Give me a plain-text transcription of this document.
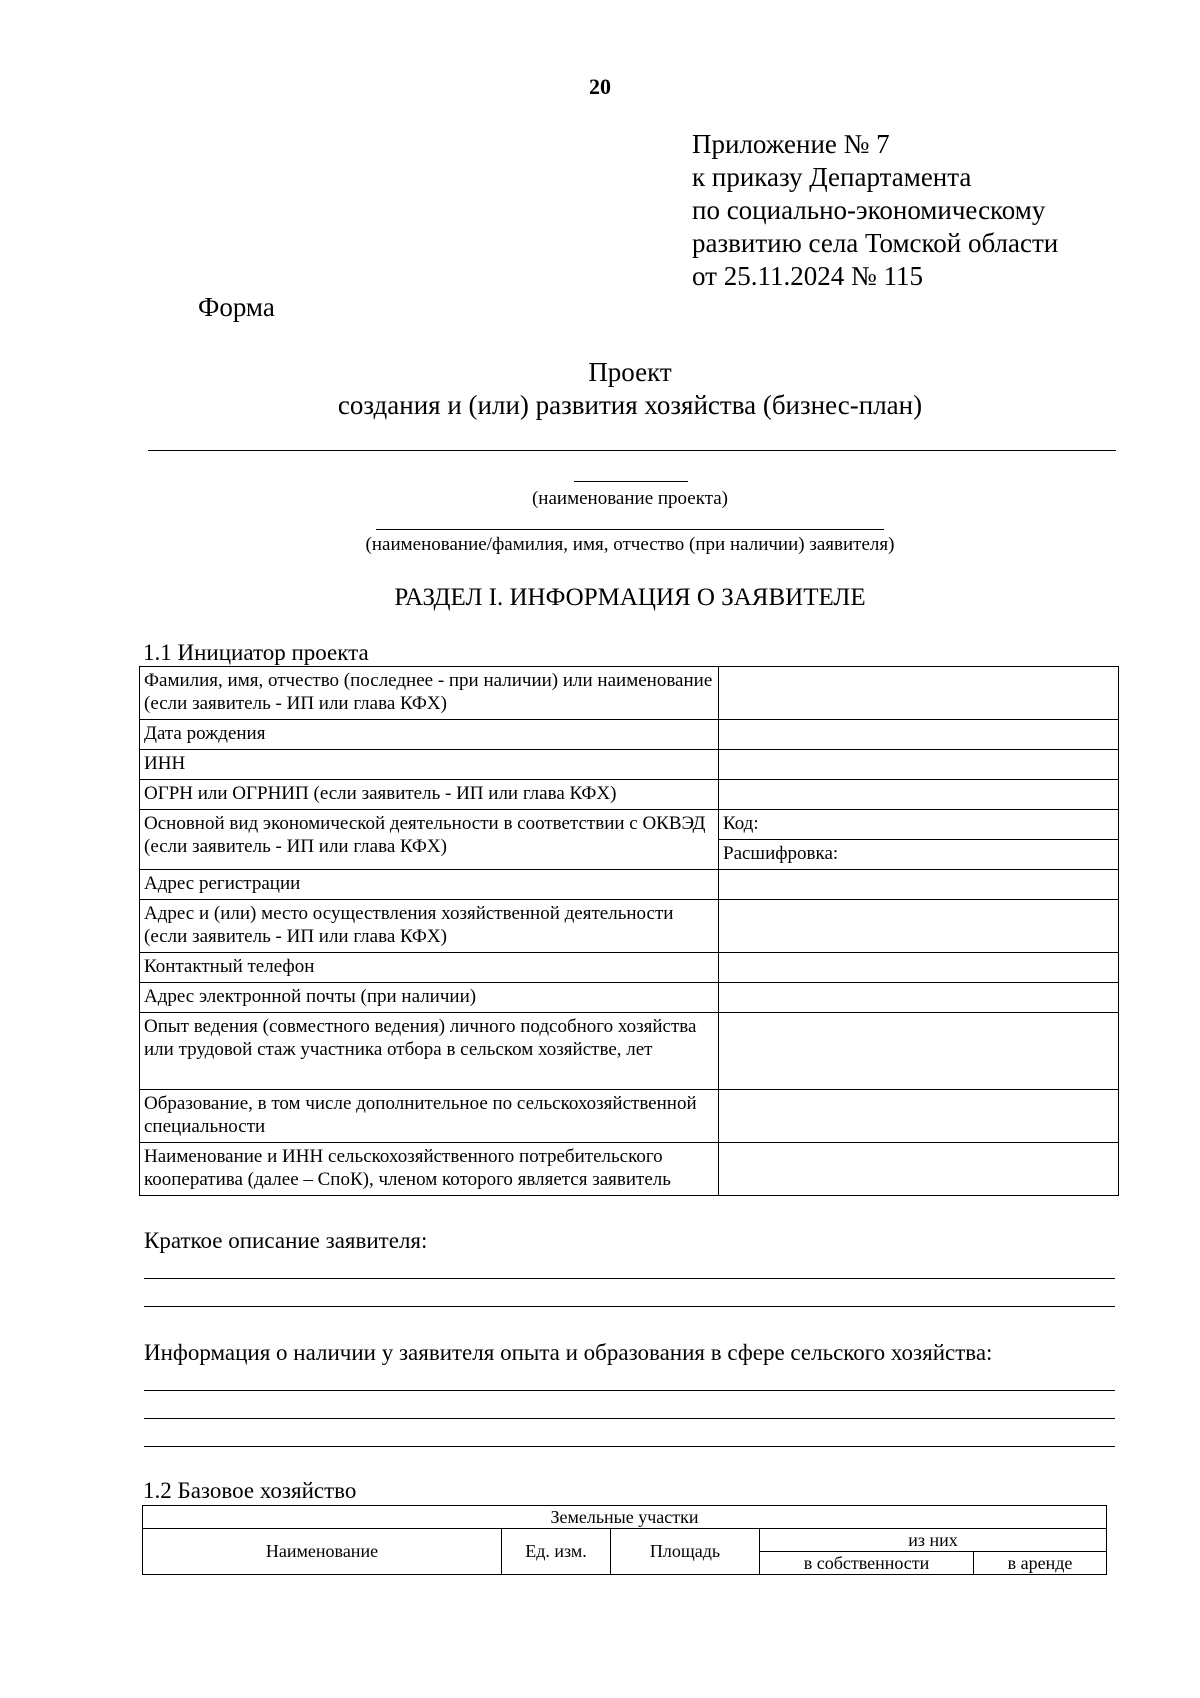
20
Приложение № 7
к приказу Департамента
по социально-экономическому
развитию села Томской области
от 25.11.2024 № 115
Форма
Проект
создания и (или) развития хозяйства (бизнес-план)
(наименование проекта)
(наименование/фамилия, имя, отчество (при наличии) заявителя)
РАЗДЕЛ I. ИНФОРМАЦИЯ О ЗАЯВИТЕЛЕ
1.1 Инициатор проекта
Фамилия, имя, отчество (последнее - при наличии) или наименование (если заявитель - ИП или глава КФХ)	
Дата рождения	
ИНН	
ОГРН или ОГРНИП (если заявитель - ИП или глава КФХ)	
Основной вид экономической деятельности в соответствии с ОКВЭД (если заявитель - ИП или глава КФХ)	Код:
	Расшифровка:
Адрес регистрации	
Адрес и (или) место осуществления хозяйственной деятельности (если заявитель - ИП или глава КФХ)	
Контактный телефон	
Адрес электронной почты (при наличии)	
Опыт ведения (совместного ведения) личного подсобного хозяйства или трудовой стаж участника отбора в сельском хозяйстве, лет	
Образование, в том числе дополнительное по сельскохозяйственной специальности	
Наименование и ИНН сельскохозяйственного потребительского кооператива (далее – СпоК), членом которого является заявитель	
Краткое описание заявителя:
Информация о наличии у заявителя опыта и образования в сфере сельского хозяйства:
1.2 Базовое хозяйство
Земельные участки				
Наименование	Ед. изм.	Площадь	из них	
			в собственности	в аренде
